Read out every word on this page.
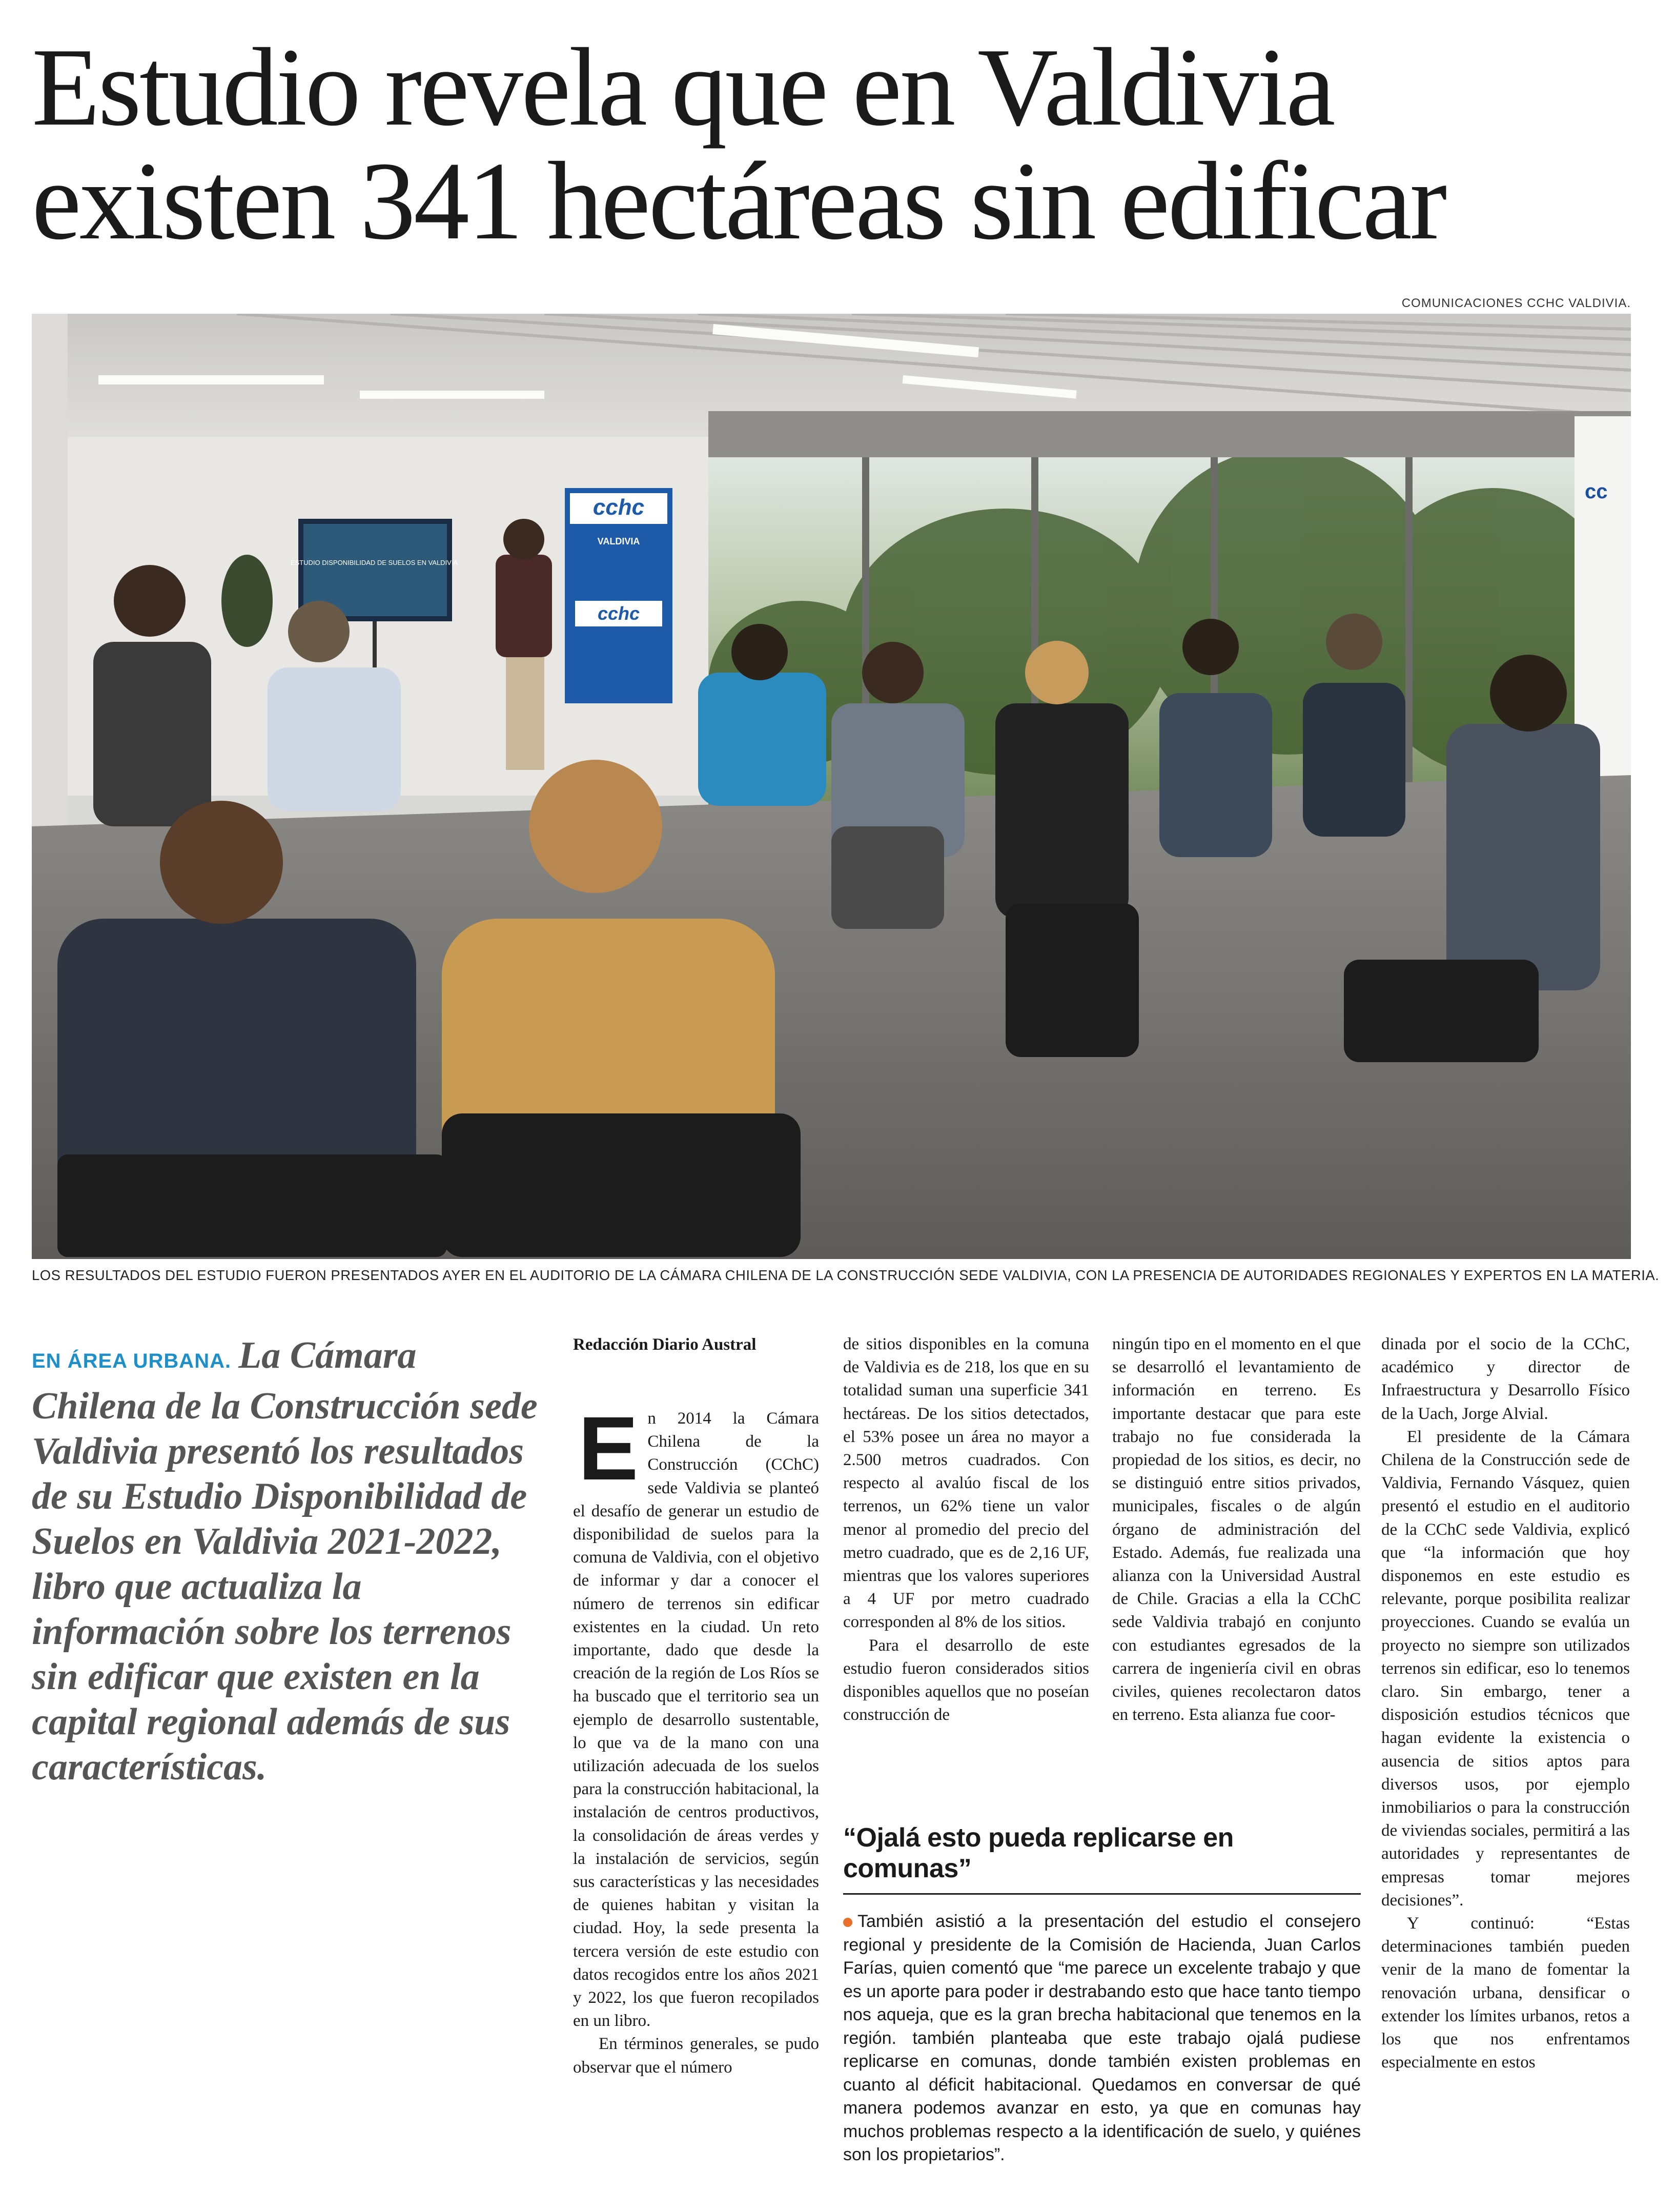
Estudio revela que en Valdivia existen 341 hectáreas sin edificar
COMUNICACIONES CCHC VALDIVIA.
cc
ESTUDIO DISPONIBILIDAD DE SUELOS EN VALDIVIA
cchc
VALDIVIA
cchc
LOS RESULTADOS DEL ESTUDIO FUERON PRESENTADOS AYER EN EL AUDITORIO DE LA CÁMARA CHILENA DE LA CONSTRUCCIÓN SEDE VALDIVIA, CON LA PRESENCIA DE AUTORIDADES REGIONALES Y EXPERTOS EN LA MATERIA.
EN ÁREA URBANA. La Cámara Chilena de la Construcción sede Valdivia presentó los resultados de su Estudio Disponibilidad de Suelos en Valdivia 2021-2022, libro que actualiza la información sobre los terrenos sin edificar que existen en la capital regional además de sus características.
Redacción Diario Austral

En 2014 la Cámara Chilena de la Construcción (CChC) sede Valdivia se planteó el desafío de generar un estudio de disponibilidad de suelos para la comuna de Valdivia, con el objetivo de informar y dar a conocer el número de terrenos sin edificar existentes en la ciudad. Un reto importante, dado que desde la creación de la región de Los Ríos se ha buscado que el territorio sea un ejemplo de desarrollo sustentable, lo que va de la mano con una utilización adecuada de los suelos para la construcción habitacional, la instalación de centros productivos, la consolidación de áreas verdes y la instalación de servicios, según sus características y las necesidades de quienes habitan y visitan la ciudad. Hoy, la sede presenta la tercera versión de este estudio con datos recogidos entre los años 2021 y 2022, los que fueron recopilados en un libro.

En términos generales, se pudo observar que el número

de sitios disponibles en la comuna de Valdivia es de 218, los que en su totalidad suman una superficie 341 hectáreas. De los sitios detectados, el 53% posee un área no mayor a 2.500 metros cuadrados. Con respecto al avalúo fiscal de los terrenos, un 62% tiene un valor menor al promedio del precio del metro cuadrado, que es de 2,16 UF, mientras que los valores superiores a 4 UF por metro cuadrado corresponden al 8% de los sitios.

Para el desarrollo de este estudio fueron considerados sitios disponibles aquellos que no poseían construcción de

ningún tipo en el momento en el que se desarrolló el levantamiento de información en terreno. Es importante destacar que para este trabajo no fue considerada la propiedad de los sitios, es decir, no se distinguió entre sitios privados, municipales, fiscales o de algún órgano de administración del Estado. Además, fue realizada una alianza con la Universidad Austral de Chile. Gracias a ella la CChC sede Valdivia trabajó en conjunto con estudiantes egresados de la carrera de ingeniería civil en obras civiles, quienes recolectaron datos en terreno. Esta alianza fue coor-

dinada por el socio de la CChC, académico y director de Infraestructura y Desarrollo Físico de la Uach, Jorge Alvial.

El presidente de la Cámara Chilena de la Construcción sede de Valdivia, Fernando Vásquez, quien presentó el estudio en el auditorio de la CChC sede Valdivia, explicó que “la información que hoy disponemos en este estudio es relevante, porque posibilita realizar proyecciones. Cuando se evalúa un proyecto no siempre son utilizados terrenos sin edificar, eso lo tenemos claro. Sin embargo, tener a disposición estudios técnicos que hagan evidente la existencia o ausencia de sitios aptos para diversos usos, por ejemplo inmobiliarios o para la construcción de viviendas sociales, permitirá a las autoridades y representantes de empresas tomar mejores decisiones”.

Y continuó: “Estas determinaciones también pueden venir de la mano de fomentar la renovación urbana, densificar o extender los límites urbanos, retos a los que nos enfrentamos especialmente en estos

“Ojalá esto pueda replicarse en comunas”

También asistió a la presentación del estudio el consejero regional y presidente de la Comisión de Hacienda, Juan Carlos Farías, quien comentó que “me parece un excelente trabajo y que es un aporte para poder ir destrabando esto que hace tanto tiempo nos aqueja, que es la gran brecha habitacional que tenemos en la región. también planteaba que este trabajo ojalá pudiese replicarse en comunas, donde también existen problemas en cuanto al déficit habitacional. Quedamos en conversar de qué manera podemos avanzar en esto, ya que en comunas hay muchos problemas respecto a la identificación de suelo, y quiénes son los propietarios”.
